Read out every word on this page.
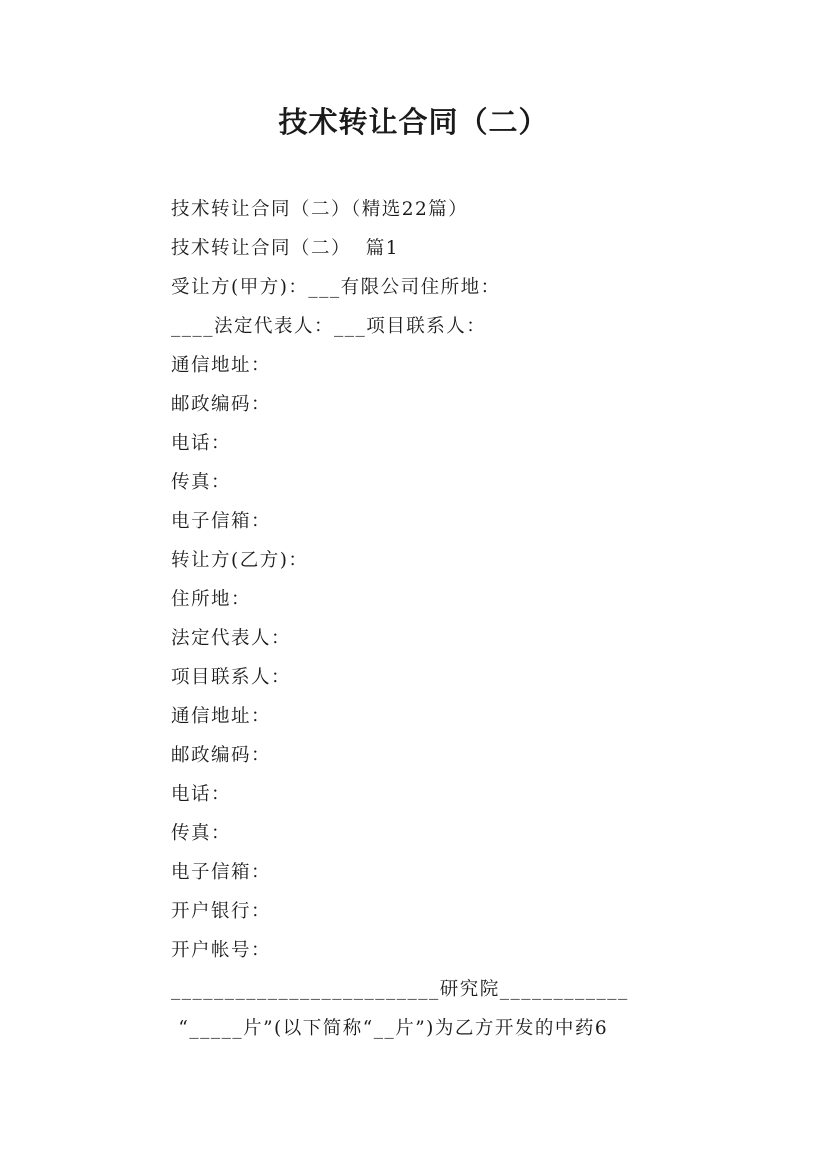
技术转让合同（二）
技术转让合同（二）（精选22篇）
技术转让合同（二）  篇1
受让方(甲方)：___有限公司住所地：
____法定代表人：___项目联系人：
通信地址：
邮政编码：
电话：
传真：
电子信箱：
转让方(乙方)：
住所地：
法定代表人：
项目联系人：
通信地址：
邮政编码：
电话：
传真：
电子信箱：
开户银行：
开户帐号：
_________________________研究院____________
“_____片”(以下简称“__片”)为乙方开发的中药6
